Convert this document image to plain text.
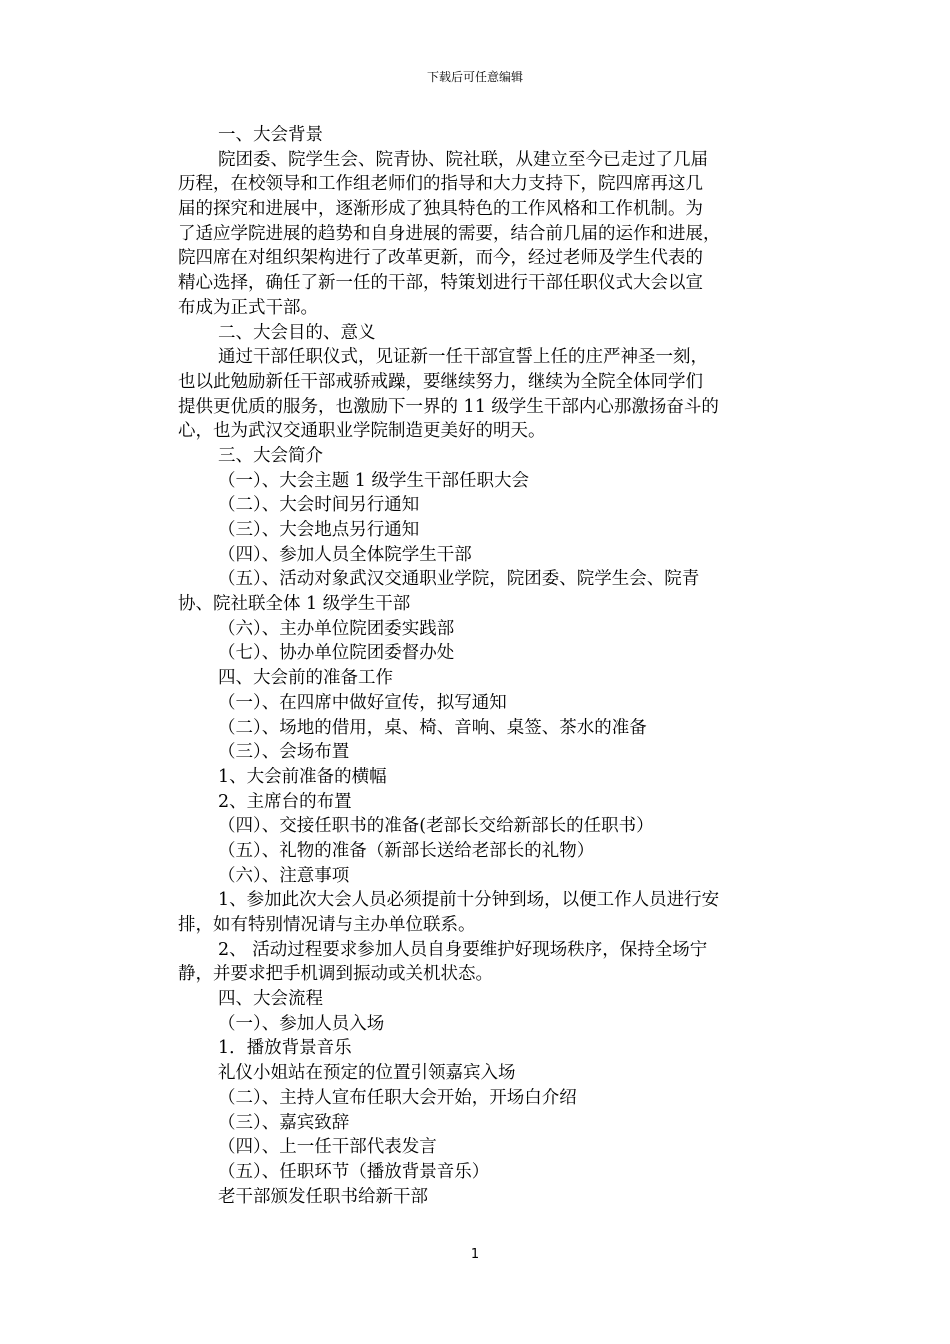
下载后可任意编辑
一、大会背景
院团委、院学生会、院青协、院社联，从建立至今已走过了几届
历程，在校领导和工作组老师们的指导和大力支持下，院四席再这几
届的探究和进展中，逐渐形成了独具特色的工作风格和工作机制。为
了适应学院进展的趋势和自身进展的需要，结合前几届的运作和进展，
院四席在对组织架构进行了改革更新，而今，经过老师及学生代表的
精心选择，确任了新一任的干部，特策划进行干部任职仪式大会以宣
布成为正式干部。
二、大会目的、意义
通过干部任职仪式，见证新一任干部宣誓上任的庄严神圣一刻，
也以此勉励新任干部戒骄戒躁，要继续努力，继续为全院全体同学们
提供更优质的服务，也激励下一界的 11 级学生干部内心那激扬奋斗的
心，也为武汉交通职业学院制造更美好的明天。
三、大会简介
（一）、大会主题 1 级学生干部任职大会
（二）、大会时间另行通知
（三）、大会地点另行通知
（四）、参加人员全体院学生干部
（五）、活动对象武汉交通职业学院，院团委、院学生会、院青
协、院社联全体 1 级学生干部
（六）、主办单位院团委实践部
（七）、协办单位院团委督办处
四、大会前的准备工作
（一）、在四席中做好宣传，拟写通知
（二）、场地的借用，桌、椅、音响、桌签、茶水的准备
（三）、会场布置
1、大会前准备的横幅
2、主席台的布置
（四）、交接任职书的准备(老部长交给新部长的任职书）
（五）、礼物的准备（新部长送给老部长的礼物）
（六）、注意事项
1、参加此次大会人员必须提前十分钟到场，以便工作人员进行安
排，如有特别情况请与主办单位联系。
2、 活动过程要求参加人员自身要维护好现场秩序，保持全场宁
静，并要求把手机调到振动或关机状态。
四、大会流程
（一）、参加人员入场
1．播放背景音乐
礼仪小姐站在预定的位置引领嘉宾入场
（二）、主持人宣布任职大会开始，开场白介绍
（三）、嘉宾致辞
（四）、上一任干部代表发言
（五）、任职环节（播放背景音乐）
老干部颁发任职书给新干部
1
